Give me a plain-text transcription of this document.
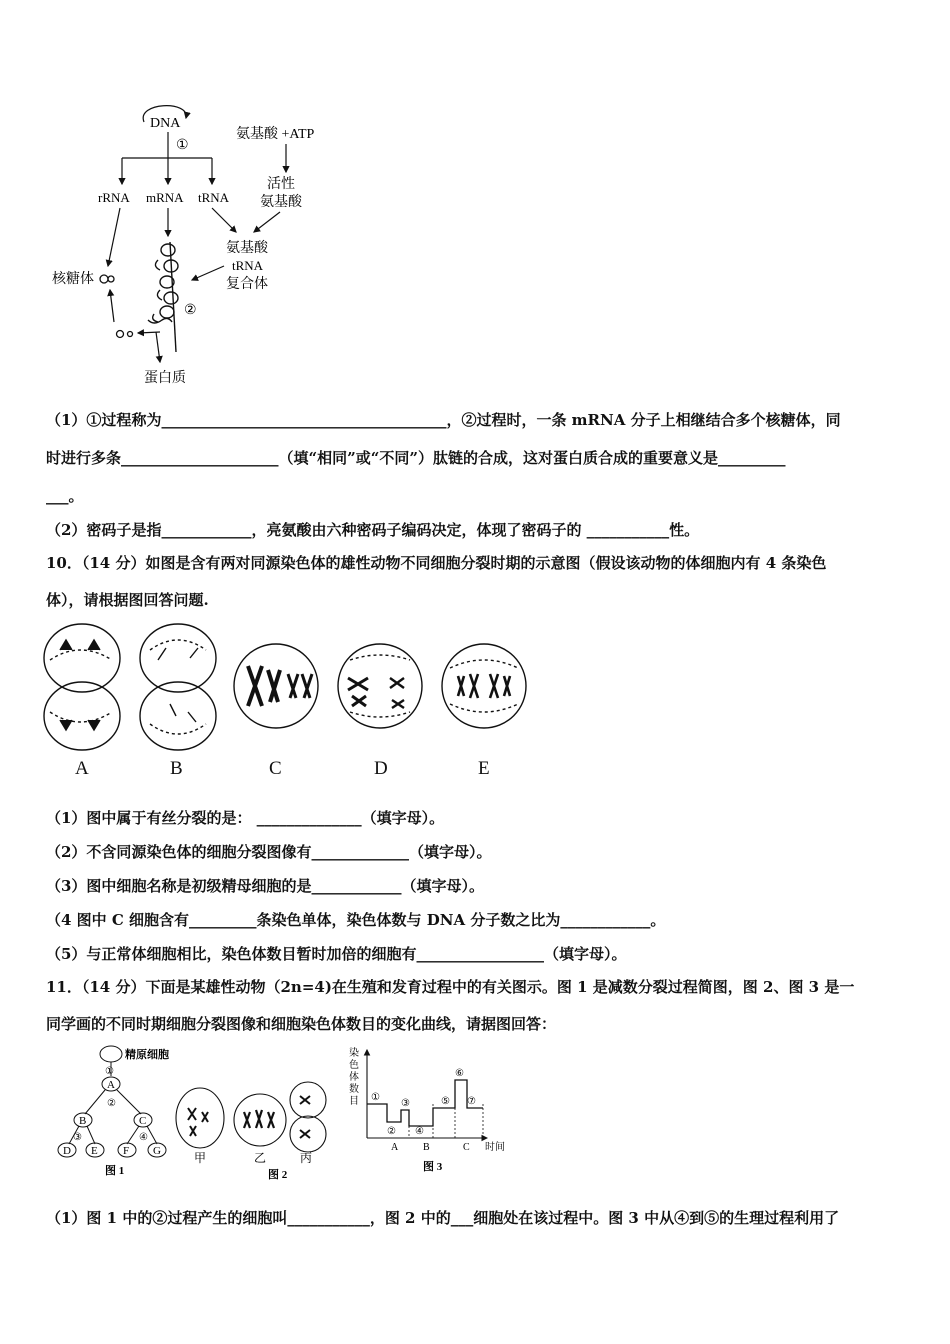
DNA
①
rRNA mRNA tRNA
氨基酸 +ATP
活性
氨基酸
氨基酸
tRNA
复合体
核糖体
②
蛋白质
（1）①过程称为______________________________________，②过程时，一条 mRNA 分子上相继结合多个核糖体，同
时进行多条_____________________（填“相同”或“不同”）肽链的合成，这对蛋白质合成的重要意义是_________
___。
（2）密码子是指____________，亮氨酸由六种密码子编码决定，体现了密码子的 ___________性。
10．（14 分）如图是含有两对同源染色体的雄性动物不同细胞分裂时期的示意图（假设该动物的体细胞内有 4 条染色
体），请根据图回答问题.
A	B	C	D	E
（1）图中属于有丝分裂的是： ______________（填字母）。
（2）不含同源染色体的细胞分裂图像有_____________（填字母）。
（3）图中细胞名称是初级精母细胞的是____________（填字母）。
（4 图中 C 细胞含有_________条染色单体，染色体数与 DNA 分子数之比为____________。
（5）与正常体细胞相比，染色体数目暂时加倍的细胞有_________________（填字母）。
11．（14 分）下面是某雄性动物（2n=4)在生殖和发育过程中的有关图示。图 1 是减数分裂过程简图，图 2、图 3 是一
同学画的不同时期细胞分裂图像和细胞染色体数目的变化曲线，请据图回答：
精原细胞
①
A
②
B	C
③	④
D E F G
图 1
甲	乙	丙
图 2
染
色
体
数
目 ①
②
③
④
⑤
⑥
⑦
A B	C 时间
图 3
（1）图 1 中的②过程产生的细胞叫___________，图 2 中的___细胞处在该过程中。图 3 中从④到⑤的生理过程利用了
